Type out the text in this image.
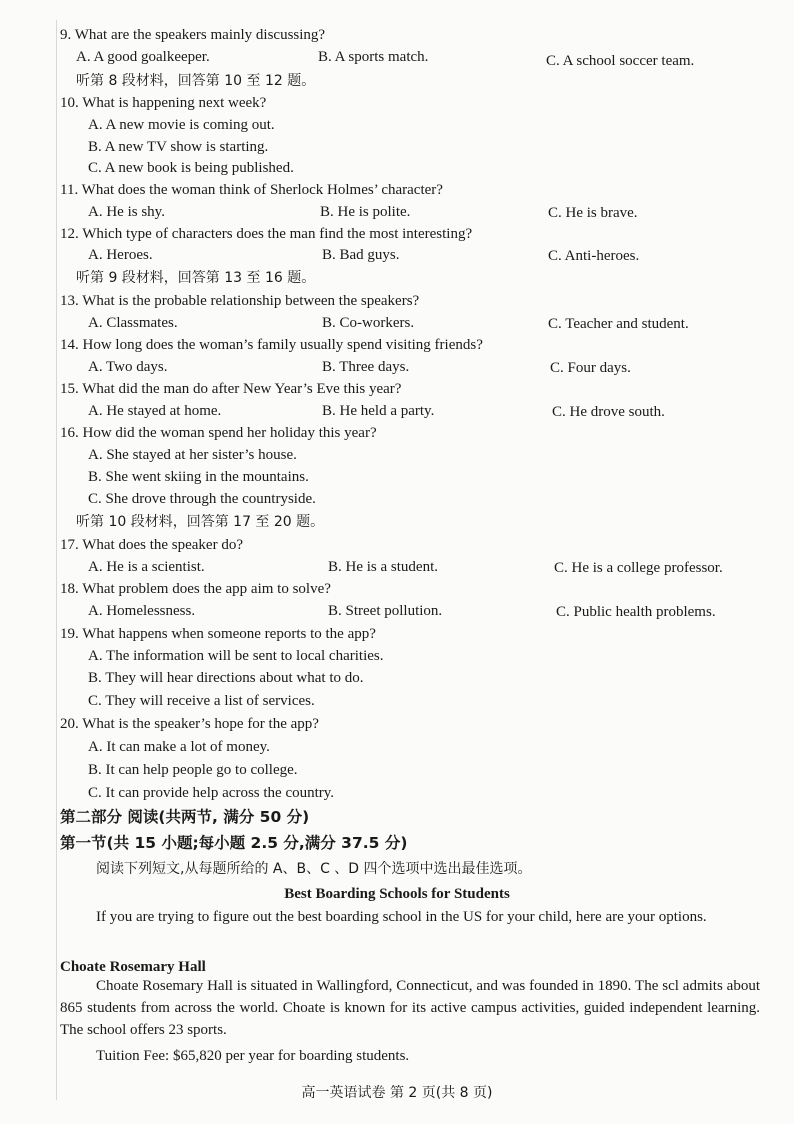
9. What are the speakers mainly discussing?
A. A good goalkeeper.	B. A sports match.	C. A school soccer team.
听第 8 段材料，回答第 10 至 12 题。
10. What is happening next week?
A. A new movie is coming out.
B. A new TV show is starting.
C. A new book is being published.
11. What does the woman think of Sherlock Holmes’ character?
A. He is shy.	B. He is polite.	C. He is brave.
12. Which type of characters does the man find the most interesting?
A. Heroes.	B. Bad guys.	C. Anti-heroes.
听第 9 段材料，回答第 13 至 16 题。
13. What is the probable relationship between the speakers?
A. Classmates.	B. Co-workers.	C. Teacher and student.
14. How long does the woman’s family usually spend visiting friends?
A. Two days.	B. Three days.	C. Four days.
15. What did the man do after New Year’s Eve this year?
A. He stayed at home.	B. He held a party.	C. He drove south.
16. How did the woman spend her holiday this year?
A. She stayed at her sister’s house.
B. She went skiing in the mountains.
C. She drove through the countryside.
听第 10 段材料，回答第 17 至 20 题。
17. What does the speaker do?
A. He is a scientist.	B. He is a student.	C. He is a college professor.
18. What problem does the app aim to solve?
A. Homelessness.	B. Street pollution.	C. Public health problems.
19. What happens when someone reports to the app?
A. The information will be sent to local charities.
B. They will hear directions about what to do.
C. They will receive a list of services.
20. What is the speaker’s hope for the app?
A. It can make a lot of money.
B. It can help people go to college.
C. It can provide help across the country.
第二部分 阅读(共两节, 满分 50 分)
第一节(共 15 小题;每小题 2.5 分,满分 37.5 分)
阅读下列短文,从每题所给的 A、B、C 、D 四个选项中选出最佳选项。
Best Boarding Schools for Students
If you are trying to figure out the best boarding school in the US for your child, here are your options.
Choate Rosemary Hall
Choate Rosemary Hall is situated in Wallingford, Connecticut, and was founded in 1890. The scl admits about 865 students from across the world. Choate is known for its active campus activities, guided independent learning. The school offers 23 sports.
Tuition Fee: $65,820 per year for boarding students.
高一英语试卷 第 2 页(共 8 页)
